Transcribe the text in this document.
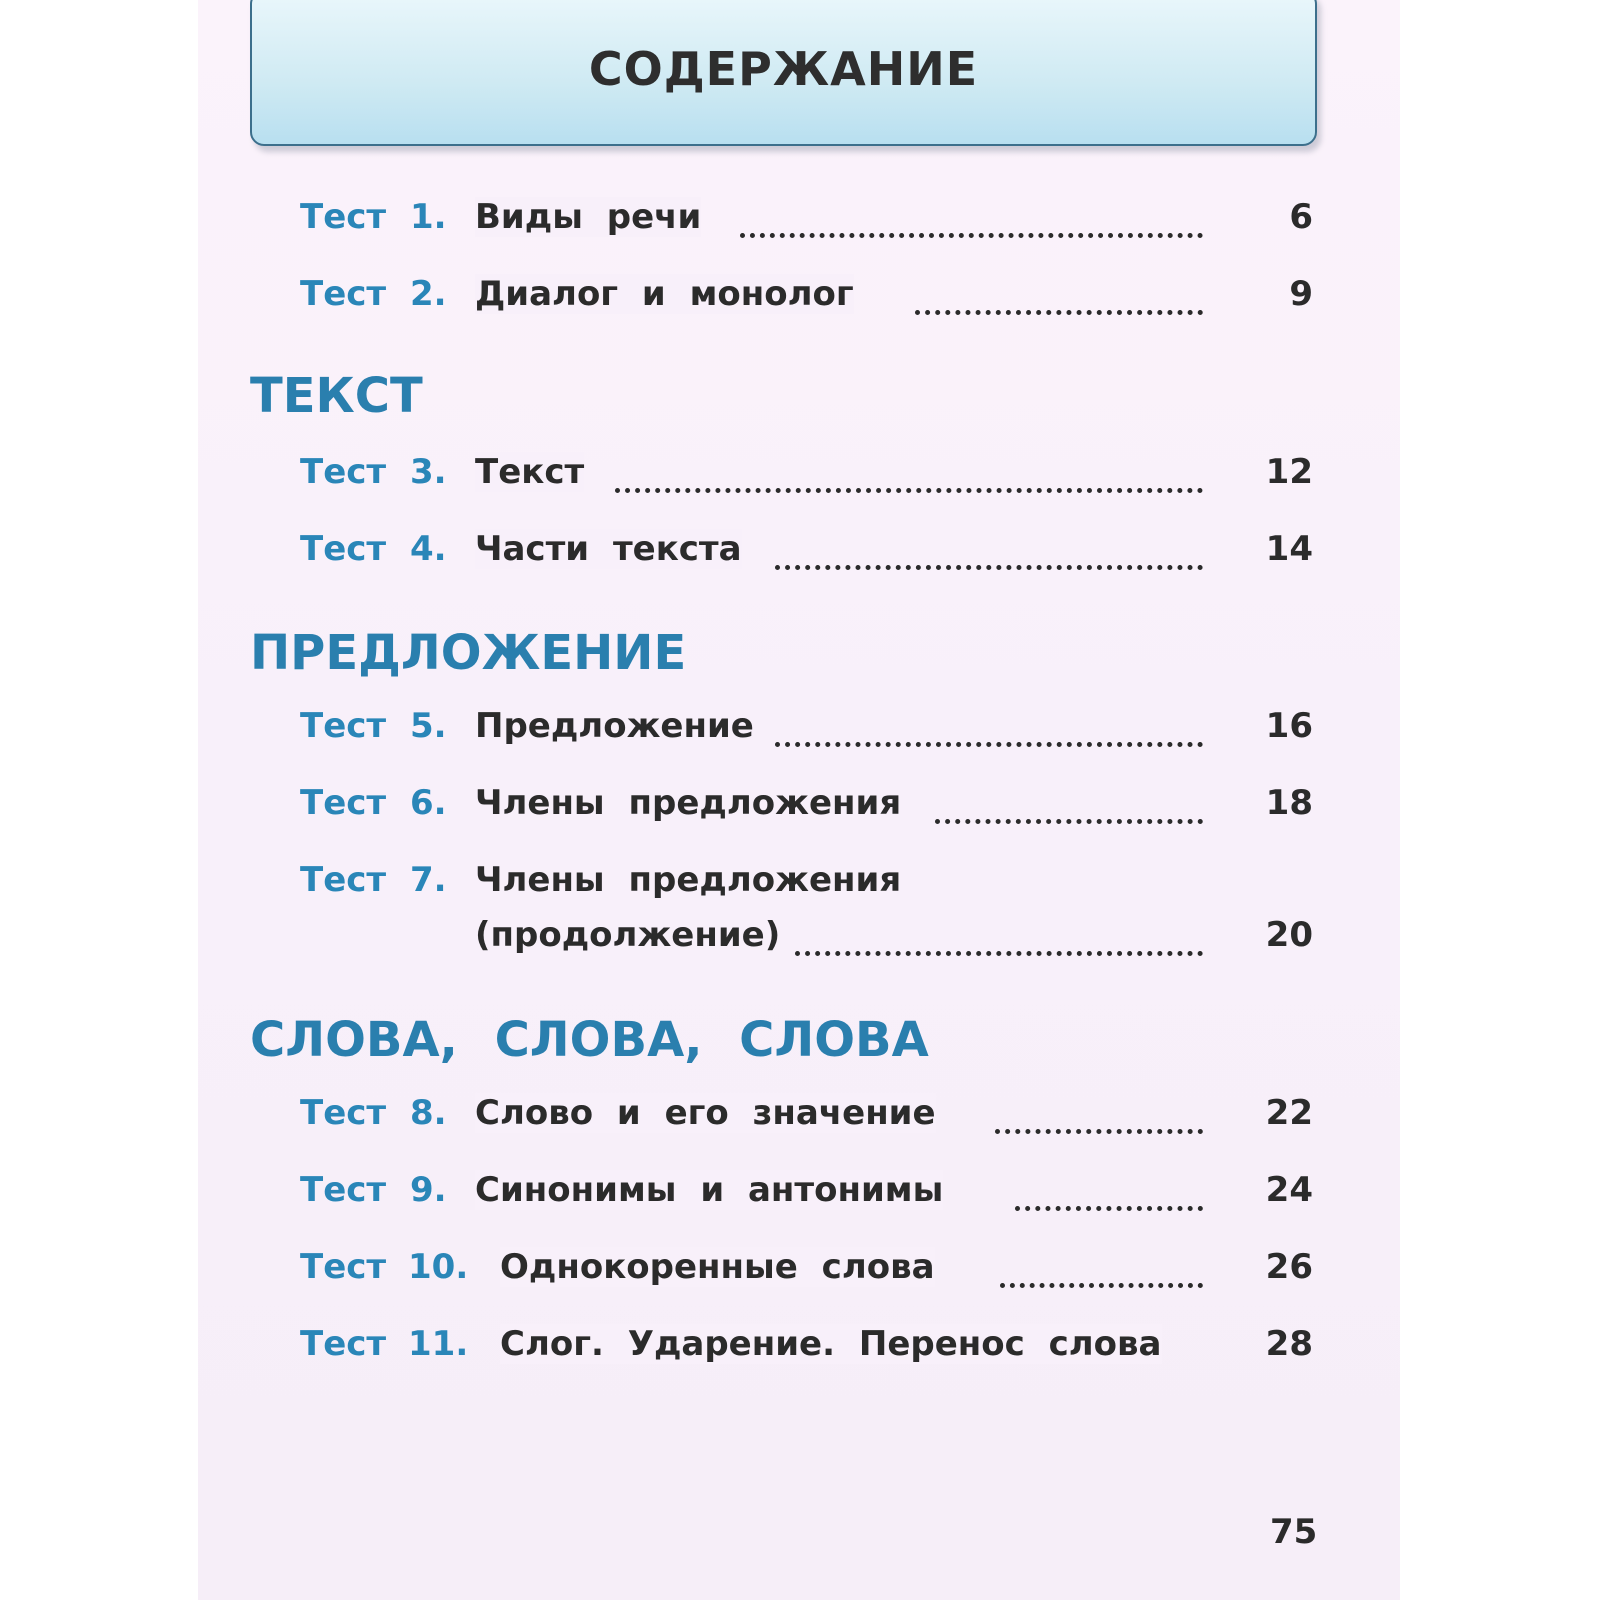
СОДЕРЖАНИЕ
Тест 1. Виды речи	6
Тест 2. Диалог и монолог	9
ТЕКСТ
Тест 3. Текст	12
Тест 4. Части текста	14
ПРЕДЛОЖЕНИЕ
Тест 5. Предложение	16
Тест 6. Члены предложения	18
Тест 7. Члены предложения
(продолжение)	20
СЛОВА, СЛОВА, СЛОВА
Тест 8. Слово и его значение	22
Тест 9. Синонимы и антонимы	24
Тест 10. Однокоренные слова	26
Тест 11. Слог. Ударение. Перенос слова	28
75
